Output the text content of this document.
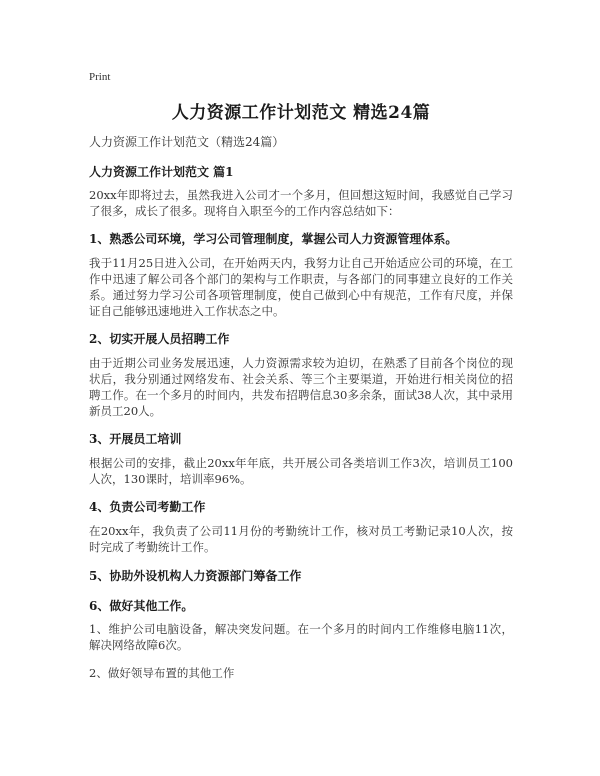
Print
人力资源工作计划范文 精选24篇
人力资源工作计划范文（精选24篇）
人力资源工作计划范文 篇1
20xx年即将过去，虽然我进入公司才一个多月，但回想这短时间，我感觉自己学习了很多，成长了很多。现将自入职至今的工作内容总结如下：
1、熟悉公司环境，学习公司管理制度，掌握公司人力资源管理体系。
我于11月25日进入公司，在开始两天内，我努力让自己开始适应公司的环境，在工作中迅速了解公司各个部门的架构与工作职责，与各部门的同事建立良好的工作关系。通过努力学习公司各项管理制度，使自己做到心中有规范，工作有尺度，并保证自己能够迅速地进入工作状态之中。
2、切实开展人员招聘工作
由于近期公司业务发展迅速，人力资源需求较为迫切，在熟悉了目前各个岗位的现状后，我分别通过网络发布、社会关系、等三个主要渠道，开始进行相关岗位的招聘工作。在一个多月的时间内，共发布招聘信息30多余条，面试38人次，其中录用新员工20人。
3、开展员工培训
根据公司的安排，截止20xx年年底，共开展公司各类培训工作3次，培训员工100人次，130课时，培训率96%。
4、负责公司考勤工作
在20xx年，我负责了公司11月份的考勤统计工作，核对员工考勤记录10人次，按时完成了考勤统计工作。
5、协助外设机构人力资源部门筹备工作
6、做好其他工作。
1、维护公司电脑设备，解决突发问题。在一个多月的时间内工作维修电脑11次，解决网络故障6次。
2、做好领导布置的其他工作
